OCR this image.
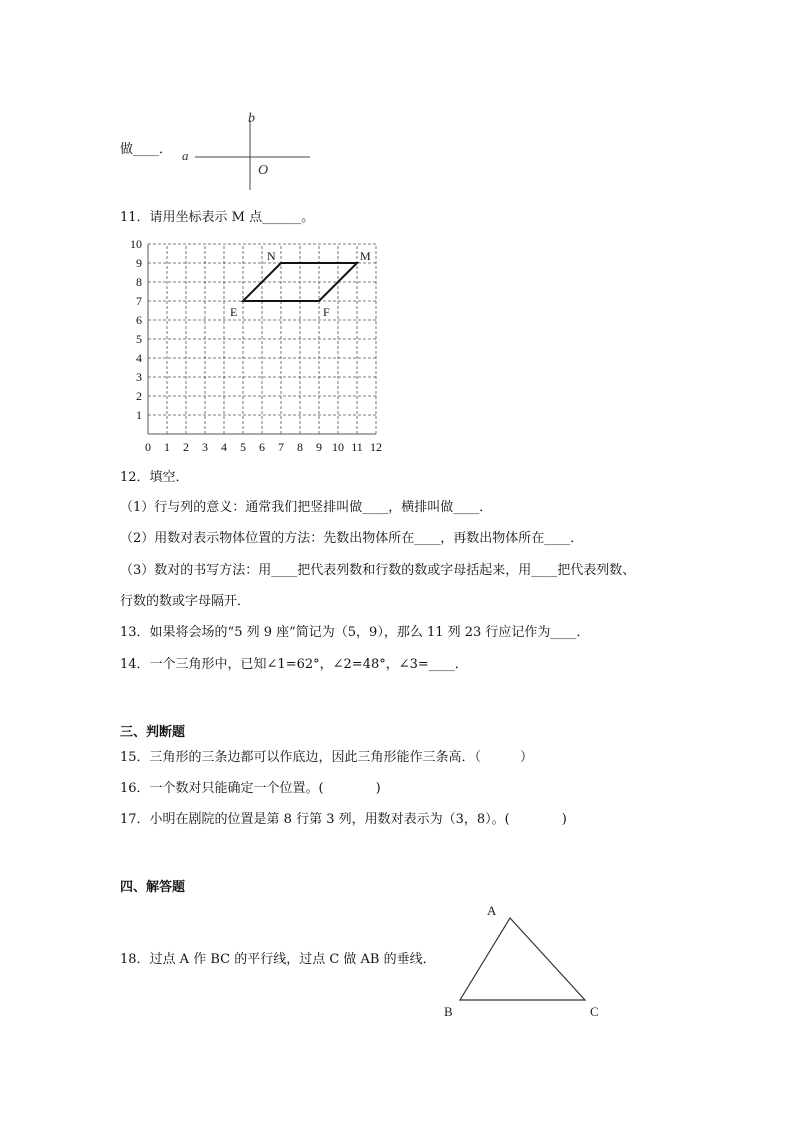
做____． a
b
O
11．请用坐标表示 M 点______。
0 1 2 3 4 5 6 7 8 9 10 11 12
1
2
3
4
5
6
7
8
9
10
E	F
M
N
12．填空．
（1）行与列的意义：通常我们把竖排叫做____，横排叫做____．
（2）用数对表示物体位置的方法：先数出物体所在____，再数出物体所在____．
（3）数对的书写方法：用____把代表列数和行数的数或字母括起来，用____把代表列数、
行数的数或字母隔开．
13．如果将会场的“5 列 9 座”简记为（5，9），那么 11 列 23 行应记作为____．
14．一个三角形中，已知∠1=62°，∠2=48°，∠3=____．
三、判断题
15．三角形的三条边都可以作底边，因此三角形能作三条高．（　　　）
16．一个数对只能确定一个位置。(　　　　)
17．小明在剧院的位置是第 8 行第 3 列，用数对表示为（3，8）。(　　　　)
四、解答题
18．过点 A 作 BC 的平行线，过点 C 做 AB 的垂线．
A
B	C
